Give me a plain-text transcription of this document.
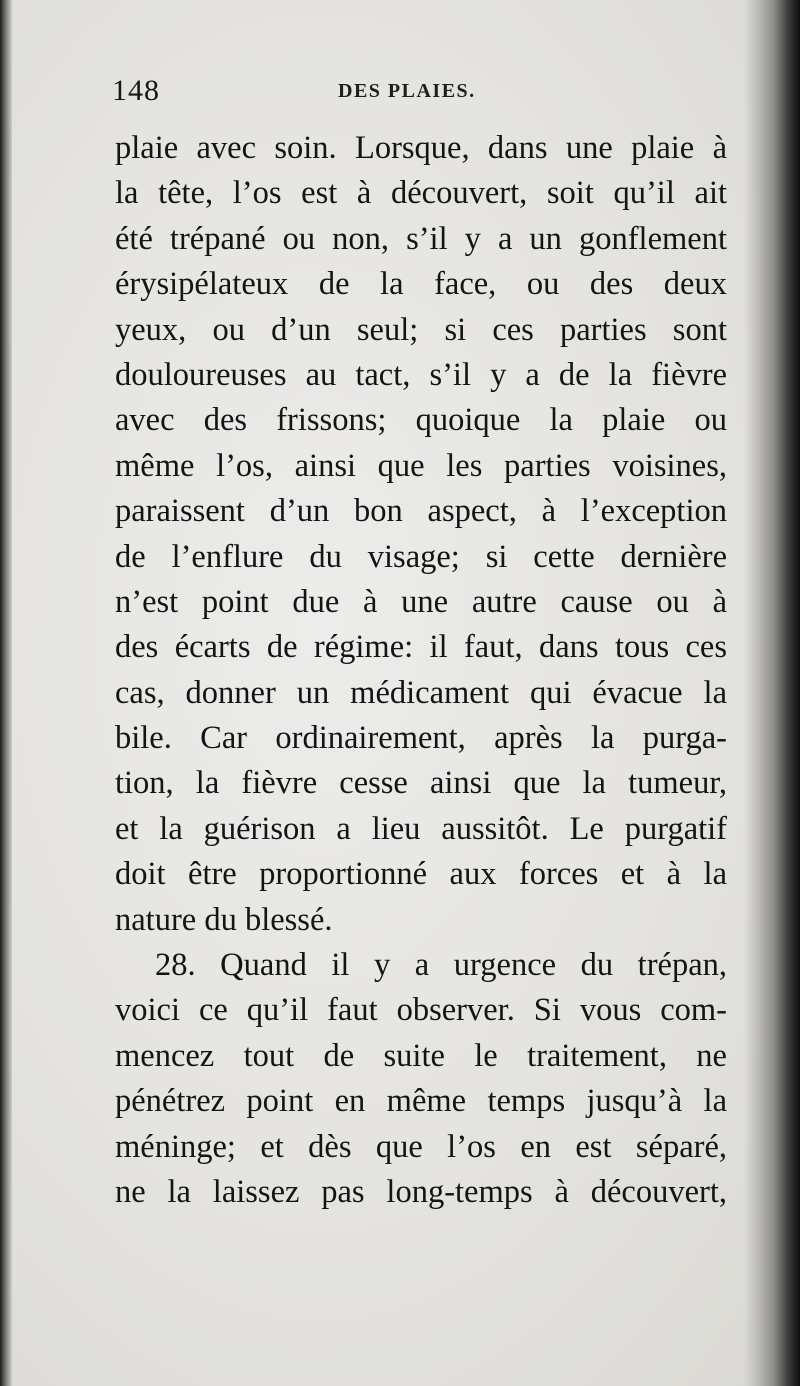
148	DES PLAIES.
plaie avec soin. Lorsque, dans une plaie à
la tête, l’os est à découvert, soit qu’il ait
été trépané ou non, s’il y a un gonflement
érysipélateux de la face, ou des deux
yeux, ou d’un seul; si ces parties sont
douloureuses au tact, s’il y a de la fièvre
avec des frissons; quoique la plaie ou
même l’os, ainsi que les parties voisines,
paraissent d’un bon aspect, à l’exception
de l’enflure du visage; si cette dernière
n’est point due à une autre cause ou à
des écarts de régime: il faut, dans tous ces
cas, donner un médicament qui évacue la
bile. Car ordinairement, après la purga-
tion, la fièvre cesse ainsi que la tumeur,
et la guérison a lieu aussitôt. Le purgatif
doit être proportionné aux forces et à la
nature du blessé.
28. Quand il y a urgence du trépan,
voici ce qu’il faut observer. Si vous com-
mencez tout de suite le traitement, ne
pénétrez point en même temps jusqu’à la
méninge; et dès que l’os en est séparé,
ne la laissez pas long-temps à découvert,
